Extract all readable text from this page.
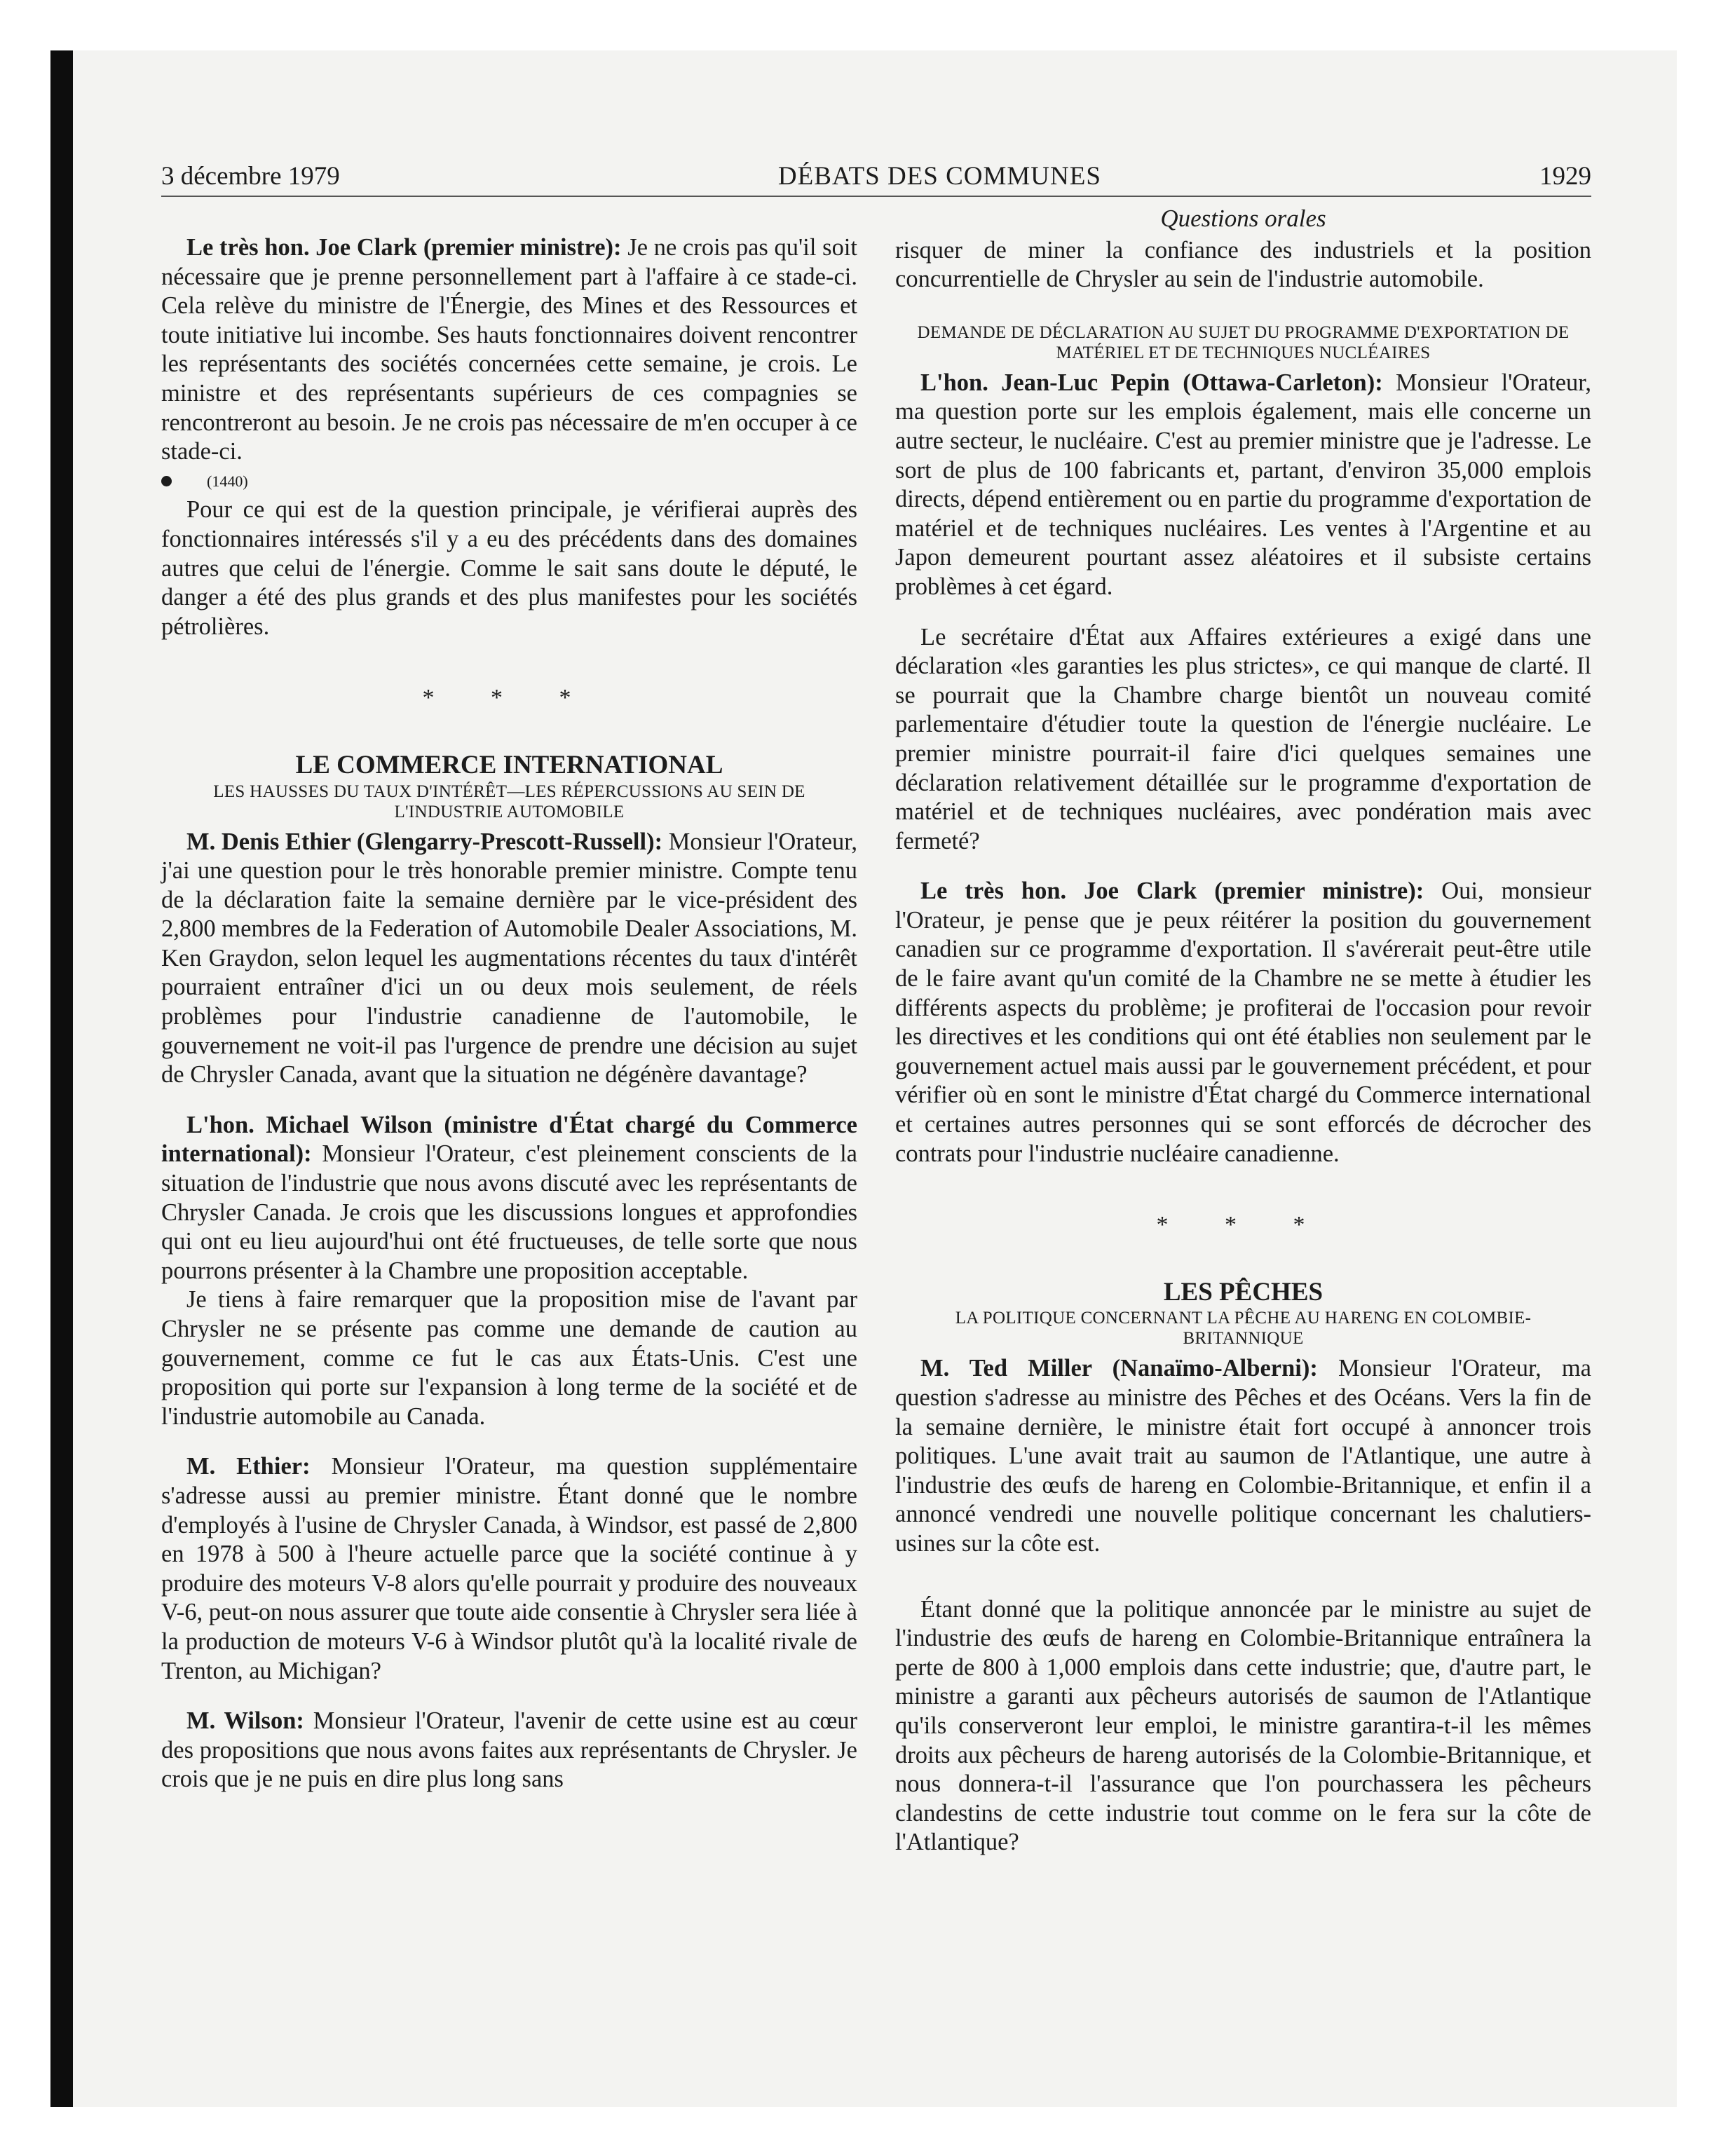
3 décembre 1979	DÉBATS DES COMMUNES	1929

Le très hon. Joe Clark (premier ministre): Je ne crois pas qu'il soit nécessaire que je prenne personnellement part à l'affaire à ce stade-ci. Cela relève du ministre de l'Énergie, des Mines et des Ressources et toute initiative lui incombe. Ses hauts fonctionnaires doivent rencontrer les représentants des sociétés concernées cette semaine, je crois. Le ministre et des représentants supérieurs de ces compagnies se rencontreront au besoin. Je ne crois pas nécessaire de m'en occuper à ce stade-ci.

(1440)

Pour ce qui est de la question principale, je vérifierai auprès des fonctionnaires intéressés s'il y a eu des précédents dans des domaines autres que celui de l'énergie. Comme le sait sans doute le député, le danger a été des plus grands et des plus manifestes pour les sociétés pétrolières.

* * *
LE COMMERCE INTERNATIONAL
LES HAUSSES DU TAUX D'INTÉRÊT—LES RÉPERCUSSIONS AU SEIN DE L'INDUSTRIE AUTOMOBILE

M. Denis Ethier (Glengarry-Prescott-Russell): Monsieur l'Orateur, j'ai une question pour le très honorable premier ministre. Compte tenu de la déclaration faite la semaine dernière par le vice-président des 2,800 membres de la Federation of Automobile Dealer Associations, M. Ken Graydon, selon lequel les augmentations récentes du taux d'intérêt pourraient entraîner d'ici un ou deux mois seulement, de réels problèmes pour l'industrie canadienne de l'automobile, le gouvernement ne voit-il pas l'urgence de prendre une décision au sujet de Chrysler Canada, avant que la situation ne dégénère davantage?

L'hon. Michael Wilson (ministre d'État chargé du Commerce international): Monsieur l'Orateur, c'est pleinement conscients de la situation de l'industrie que nous avons discuté avec les représentants de Chrysler Canada. Je crois que les discussions longues et approfondies qui ont eu lieu aujourd'hui ont été fructueuses, de telle sorte que nous pourrons présenter à la Chambre une proposition acceptable.

Je tiens à faire remarquer que la proposition mise de l'avant par Chrysler ne se présente pas comme une demande de caution au gouvernement, comme ce fut le cas aux États-Unis. C'est une proposition qui porte sur l'expansion à long terme de la société et de l'industrie automobile au Canada.

M. Ethier: Monsieur l'Orateur, ma question supplémentaire s'adresse aussi au premier ministre. Étant donné que le nombre d'employés à l'usine de Chrysler Canada, à Windsor, est passé de 2,800 en 1978 à 500 à l'heure actuelle parce que la société continue à y produire des moteurs V-8 alors qu'elle pourrait y produire des nouveaux V-6, peut-on nous assurer que toute aide consentie à Chrysler sera liée à la production de moteurs V-6 à Windsor plutôt qu'à la localité rivale de Trenton, au Michigan?

M. Wilson: Monsieur l'Orateur, l'avenir de cette usine est au cœur des propositions que nous avons faites aux représentants de Chrysler. Je crois que je ne puis en dire plus long sans

Questions orales

risquer de miner la confiance des industriels et la position concurrentielle de Chrysler au sein de l'industrie automobile.

DEMANDE DE DÉCLARATION AU SUJET DU PROGRAMME D'EXPORTATION DE MATÉRIEL ET DE TECHNIQUES NUCLÉAIRES

L'hon. Jean-Luc Pepin (Ottawa-Carleton): Monsieur l'Orateur, ma question porte sur les emplois également, mais elle concerne un autre secteur, le nucléaire. C'est au premier ministre que je l'adresse. Le sort de plus de 100 fabricants et, partant, d'environ 35,000 emplois directs, dépend entièrement ou en partie du programme d'exportation de matériel et de techniques nucléaires. Les ventes à l'Argentine et au Japon demeurent pourtant assez aléatoires et il subsiste certains problèmes à cet égard.

Le secrétaire d'État aux Affaires extérieures a exigé dans une déclaration «les garanties les plus strictes», ce qui manque de clarté. Il se pourrait que la Chambre charge bientôt un nouveau comité parlementaire d'étudier toute la question de l'énergie nucléaire. Le premier ministre pourrait-il faire d'ici quelques semaines une déclaration relativement détaillée sur le programme d'exportation de matériel et de techniques nucléaires, avec pondération mais avec fermeté?

Le très hon. Joe Clark (premier ministre): Oui, monsieur l'Orateur, je pense que je peux réitérer la position du gouvernement canadien sur ce programme d'exportation. Il s'avérerait peut-être utile de le faire avant qu'un comité de la Chambre ne se mette à étudier les différents aspects du problème; je profiterai de l'occasion pour revoir les directives et les conditions qui ont été établies non seulement par le gouvernement actuel mais aussi par le gouvernement précédent, et pour vérifier où en sont le ministre d'État chargé du Commerce international et certaines autres personnes qui se sont efforcés de décrocher des contrats pour l'industrie nucléaire canadienne.

* * *
LES PÊCHES
LA POLITIQUE CONCERNANT LA PÊCHE AU HARENG EN COLOMBIE-BRITANNIQUE

M. Ted Miller (Nanaïmo-Alberni): Monsieur l'Orateur, ma question s'adresse au ministre des Pêches et des Océans. Vers la fin de la semaine dernière, le ministre était fort occupé à annoncer trois politiques. L'une avait trait au saumon de l'Atlantique, une autre à l'industrie des œufs de hareng en Colombie-Britannique, et enfin il a annoncé vendredi une nouvelle politique concernant les chalutiers-usines sur la côte est.

Étant donné que la politique annoncée par le ministre au sujet de l'industrie des œufs de hareng en Colombie-Britannique entraînera la perte de 800 à 1,000 emplois dans cette industrie; que, d'autre part, le ministre a garanti aux pêcheurs autorisés de saumon de l'Atlantique qu'ils conserveront leur emploi, le ministre garantira-t-il les mêmes droits aux pêcheurs de hareng autorisés de la Colombie-Britannique, et nous donnera-t-il l'assurance que l'on pourchassera les pêcheurs clandestins de cette industrie tout comme on le fera sur la côte de l'Atlantique?
